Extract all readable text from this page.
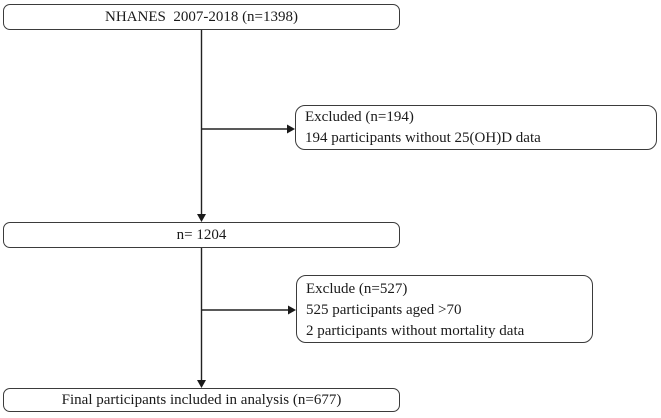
NHANES  2007-2018 (n=1398)
Excluded (n=194)
194 participants without 25(OH)D data
n= 1204
Exclude (n=527)
525 participants aged >70
2 participants without mortality data
Final participants included in analysis (n=677)
